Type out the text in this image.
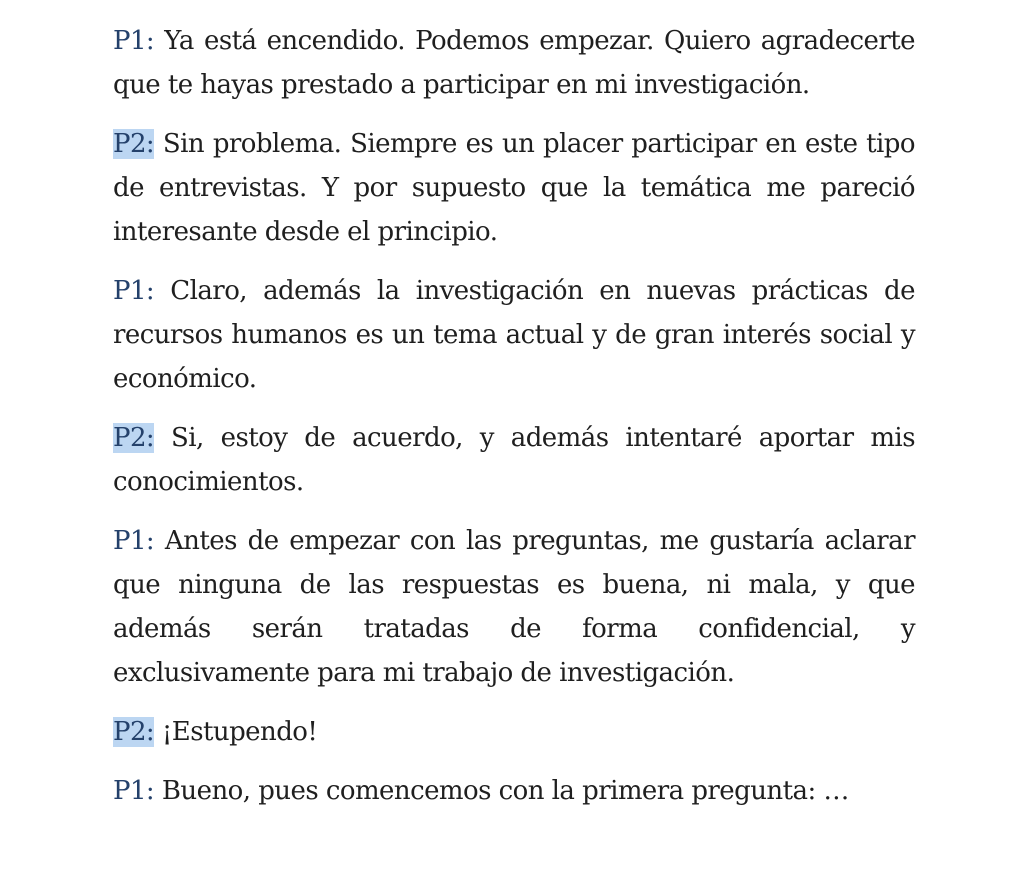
P1: Ya está encendido. Podemos empezar. Quiero agradecerte que te hayas prestado a participar en mi investigación.

P2: Sin problema. Siempre es un placer participar en este tipo de entrevistas. Y por supuesto que la temática me pareció interesante desde el principio.

P1: Claro, además la investigación en nuevas prácticas de recursos humanos es un tema actual y de gran interés social y económico.

P2: Si, estoy de acuerdo, y además intentaré aportar mis conocimientos.

P1: Antes de empezar con las preguntas, me gustaría aclarar que ninguna de las respuestas es buena, ni mala, y que además serán tratadas de forma confidencial, y exclusivamente para mi trabajo de investigación.

P2: ¡Estupendo!

P1: Bueno, pues comencemos con la primera pregunta: …
